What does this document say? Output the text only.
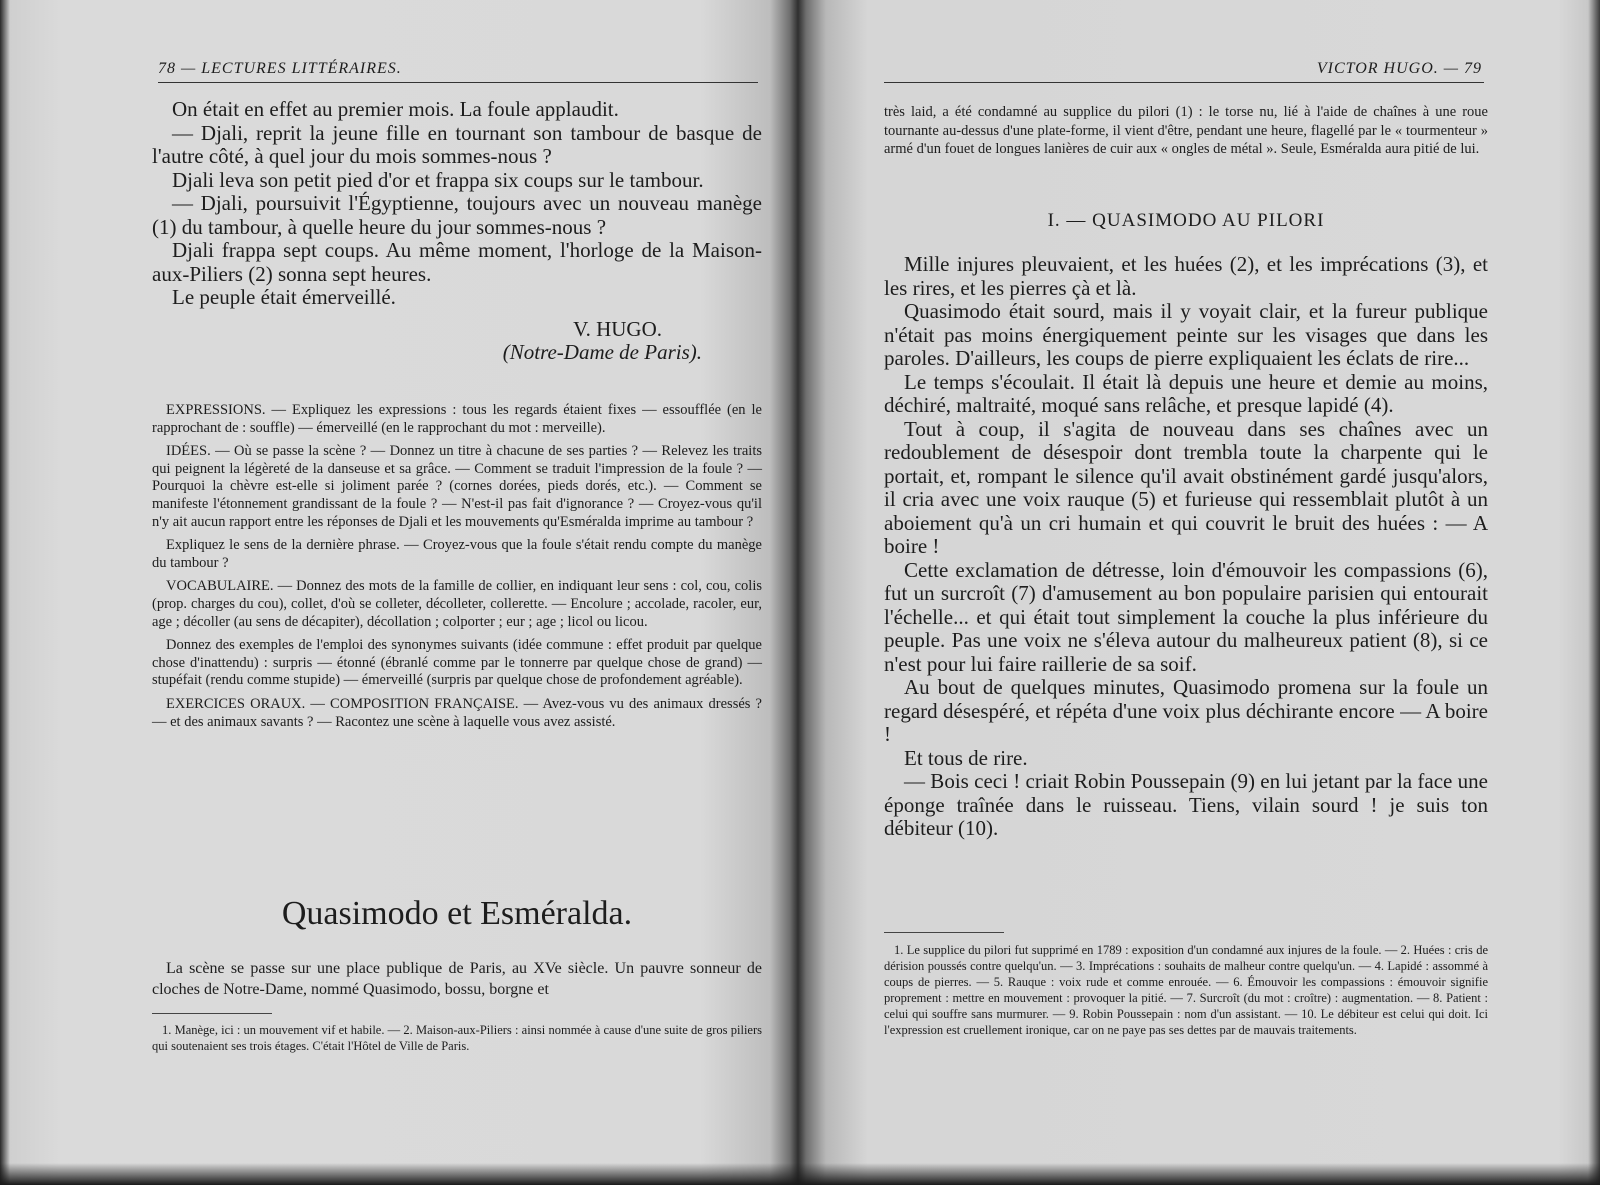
78 — LECTURES LITTÉRAIRES.

On était en effet au premier mois. La foule applaudit.

— Djali, reprit la jeune fille en tournant son tambour de basque de l'autre côté, à quel jour du mois sommes-nous ?

Djali leva son petit pied d'or et frappa six coups sur le tambour.

— Djali, poursuivit l'Égyptienne, toujours avec un nouveau manège (1) du tambour, à quelle heure du jour sommes-nous ?

Djali frappa sept coups. Au même moment, l'horloge de la Maison-aux-Piliers (2) sonna sept heures.

Le peuple était émerveillé.

V. HUGO.

(Notre-Dame de Paris).

EXPRESSIONS. — Expliquez les expressions : tous les regards étaient fixes — essoufflée (en le rapprochant de : souffle) — émerveillé (en le rapprochant du mot : merveille).

IDÉES. — Où se passe la scène ? — Donnez un titre à chacune de ses parties ? — Relevez les traits qui peignent la légèreté de la danseuse et sa grâce. — Comment se traduit l'impression de la foule ? — Pourquoi la chèvre est-elle si joliment parée ? (cornes dorées, pieds dorés, etc.). — Comment se manifeste l'étonnement grandissant de la foule ? — N'est-il pas fait d'ignorance ? — Croyez-vous qu'il n'y ait aucun rapport entre les réponses de Djali et les mouvements qu'Esméralda imprime au tambour ?

Expliquez le sens de la dernière phrase. — Croyez-vous que la foule s'était rendu compte du manège du tambour ?

VOCABULAIRE. — Donnez des mots de la famille de collier, en indiquant leur sens : col, cou, colis (prop. charges du cou), collet, d'où se colleter, décolleter, collerette. — Encolure ; accolade, racoler, eur, age ; décoller (au sens de décapiter), décollation ; colporter ; eur ; age ; licol ou licou.

Donnez des exemples de l'emploi des synonymes suivants (idée commune : effet produit par quelque chose d'inattendu) : surpris — étonné (ébranlé comme par le tonnerre par quelque chose de grand) — stupéfait (rendu comme stupide) — émerveillé (surpris par quelque chose de profondement agréable).

EXERCICES ORAUX. — COMPOSITION FRANÇAISE. — Avez-vous vu des animaux dressés ? — et des animaux savants ? — Racontez une scène à laquelle vous avez assisté.

Quasimodo et Esméralda.

La scène se passe sur une place publique de Paris, au XVe siècle. Un pauvre sonneur de cloches de Notre-Dame, nommé Quasimodo, bossu, borgne et

1. Manège, ici : un mouvement vif et habile. — 2. Maison-aux-Piliers : ainsi nommée à cause d'une suite de gros piliers qui soutenaient ses trois étages. C'était l'Hôtel de Ville de Paris.

VICTOR HUGO. — 79

très laid, a été condamné au supplice du pilori (1) : le torse nu, lié à l'aide de chaînes à une roue tournante au-dessus d'une plate-forme, il vient d'être, pendant une heure, flagellé par le « tourmenteur » armé d'un fouet de longues lanières de cuir aux « ongles de métal ». Seule, Esméralda aura pitié de lui.

I. — QUASIMODO AU PILORI

Mille injures pleuvaient, et les huées (2), et les imprécations (3), et les rires, et les pierres çà et là.

Quasimodo était sourd, mais il y voyait clair, et la fureur publique n'était pas moins énergiquement peinte sur les visages que dans les paroles. D'ailleurs, les coups de pierre expliquaient les éclats de rire...

Le temps s'écoulait. Il était là depuis une heure et demie au moins, déchiré, maltraité, moqué sans relâche, et presque lapidé (4).

Tout à coup, il s'agita de nouveau dans ses chaînes avec un redoublement de désespoir dont trembla toute la charpente qui le portait, et, rompant le silence qu'il avait obstinément gardé jusqu'alors, il cria avec une voix rauque (5) et furieuse qui ressemblait plutôt à un aboiement qu'à un cri humain et qui couvrit le bruit des huées : — A boire !

Cette exclamation de détresse, loin d'émouvoir les compassions (6), fut un surcroît (7) d'amusement au bon populaire parisien qui entourait l'échelle... et qui était tout simplement la couche la plus inférieure du peuple. Pas une voix ne s'éleva autour du malheureux patient (8), si ce n'est pour lui faire raillerie de sa soif.

Au bout de quelques minutes, Quasimodo promena sur la foule un regard désespéré, et répéta d'une voix plus déchirante encore — A boire !

Et tous de rire.

— Bois ceci ! criait Robin Poussepain (9) en lui jetant par la face une éponge traînée dans le ruisseau. Tiens, vilain sourd ! je suis ton débiteur (10).

1. Le supplice du pilori fut supprimé en 1789 : exposition d'un condamné aux injures de la foule. — 2. Huées : cris de dérision poussés contre quelqu'un. — 3. Imprécations : souhaits de malheur contre quelqu'un. — 4. Lapidé : assommé à coups de pierres. — 5. Rauque : voix rude et comme enrouée. — 6. Émouvoir les compassions : émouvoir signifie proprement : mettre en mouvement : provoquer la pitié. — 7. Surcroît (du mot : croître) : augmentation. — 8. Patient : celui qui souffre sans murmurer. — 9. Robin Poussepain : nom d'un assistant. — 10. Le débiteur est celui qui doit. Ici l'expression est cruellement ironique, car on ne paye pas ses dettes par de mauvais traitements.
